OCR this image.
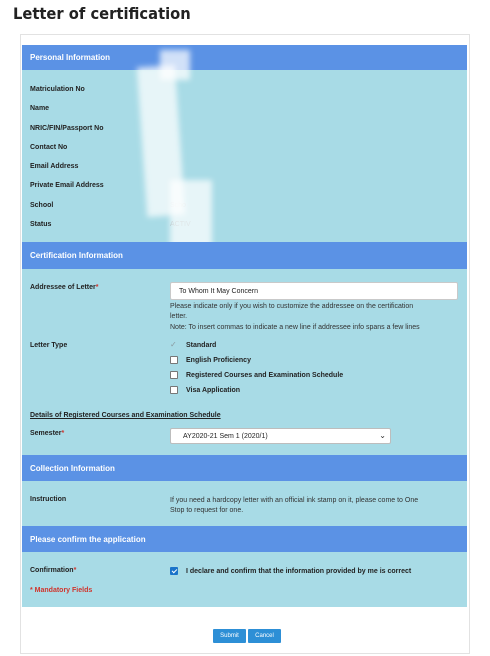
Letter of certification
Personal Information
Matriculation No
Name
NRIC/FIN/Passport No
Contact No
Email Address
Private Email Address
School
Status
Certification Information
Addressee of Letter*	To Whom It May Concern
Please indicate only if you wish to customize the addressee on the certification
letter.
Note: To insert commas to indicate a new line if addressee info spans a few lines
Letter Type	✓ Standard
English Proficiency
Registered Courses and Examination Schedule
Visa Application
Details of Registered Courses and Examination Schedule
Semester*	AY2020-21 Sem 1 (2020/1)	⌄
Collection Information
Instruction	If you need a hardcopy letter with an official ink stamp on it, please come to One
Stop to request for one.
Please confirm the application
Confirmation*	I declare and confirm that the information provided by me is correct
* Mandatory Fields
Submit	Cancel
